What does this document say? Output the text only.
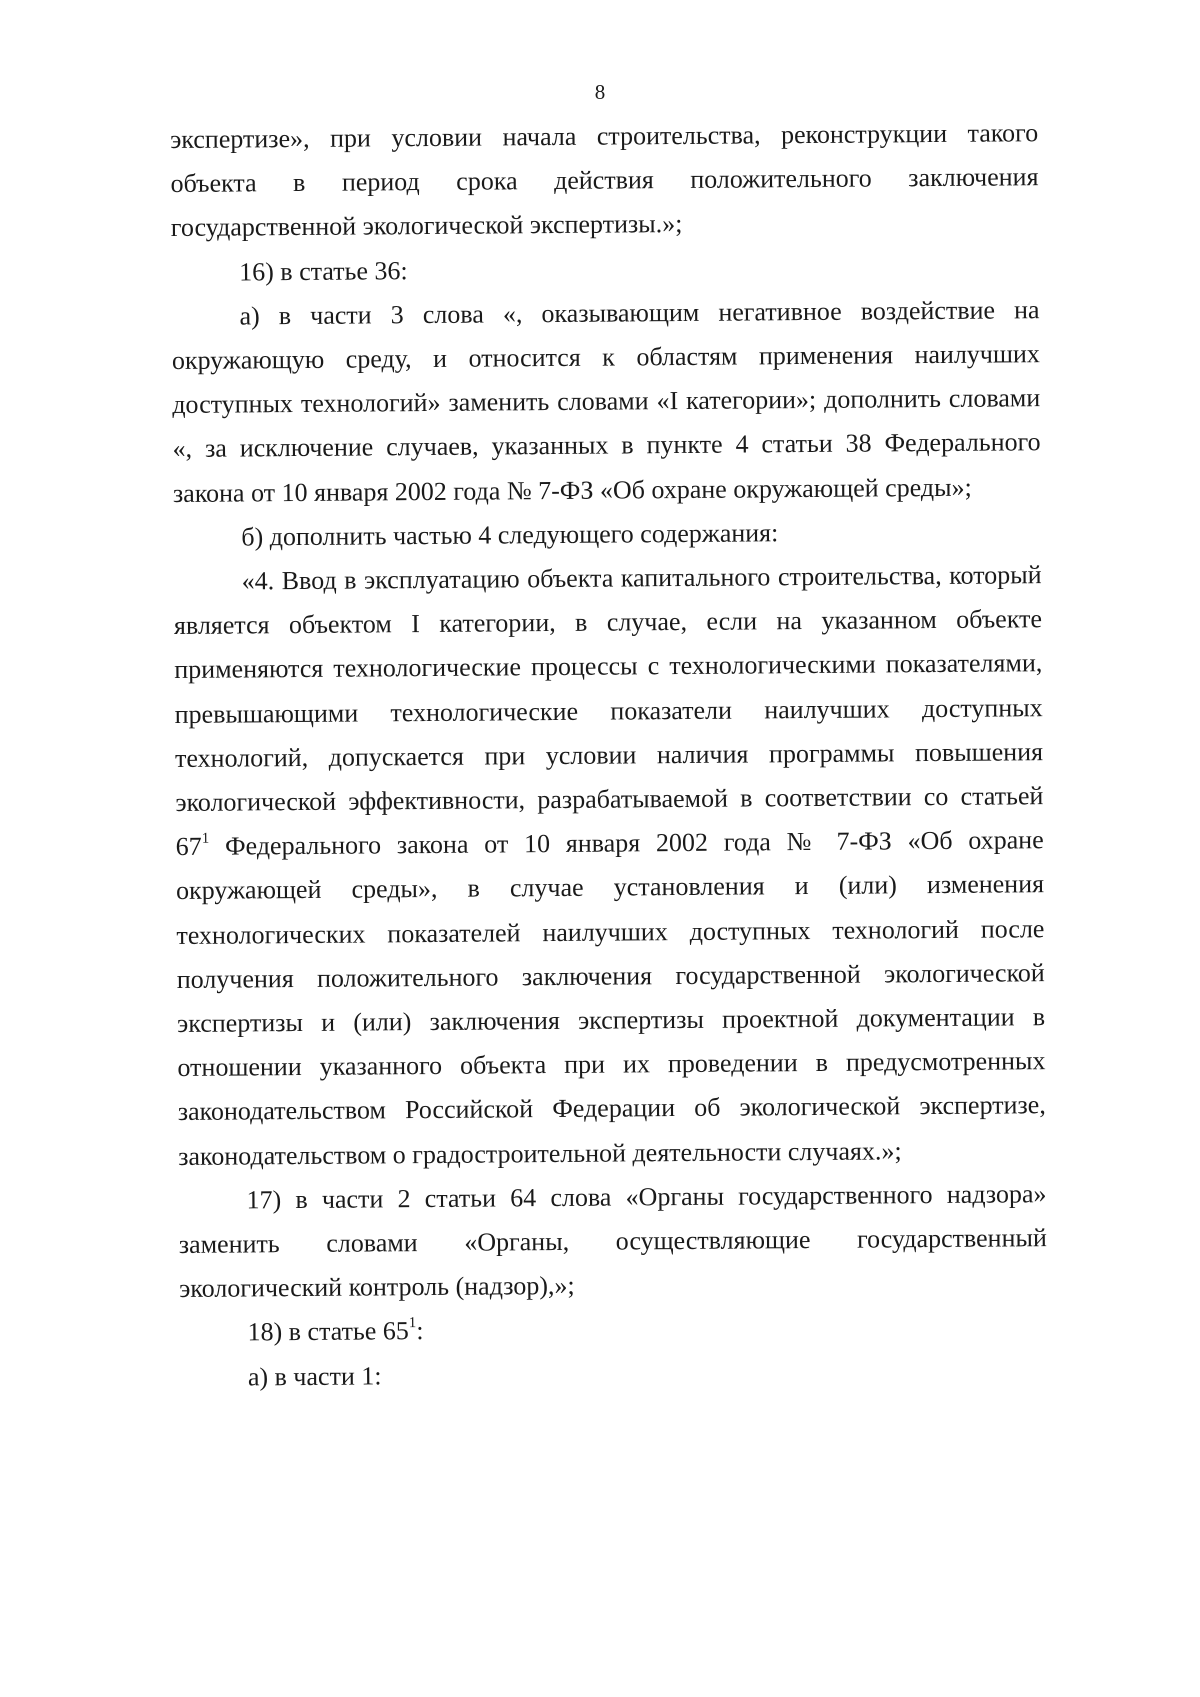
8

экспертизе», при условии начала строительства, реконструкции такого объекта в период срока действия положительного заключения государственной экологической экспертизы.»;

16) в статье 36:

а) в части 3 слова «, оказывающим негативное воздействие на окружающую среду, и относится к областям применения наилучших доступных технологий» заменить словами «I категории»; дополнить словами «, за исключение случаев, указанных в пункте 4 статьи 38 Федерального закона от 10 января 2002 года № 7-ФЗ «Об охране окружающей среды»;

б) дополнить частью 4 следующего содержания:

«4. Ввод в эксплуатацию объекта капитального строительства, который является объектом I категории, в случае, если на указанном объекте применяются технологические процессы с технологическими показателями, превышающими технологические показатели наилучших доступных технологий, допускается при условии наличия программы повышения экологической эффективности, разрабатываемой в соответствии со статьей $67^1$ Федерального закона от 10 января 2002 года № 7-ФЗ «Об охране окружающей среды», в случае установления и (или) изменения технологических показателей наилучших доступных технологий после получения положительного заключения государственной экологической экспертизы и (или) заключения экспертизы проектной документации в отношении указанного объекта при их проведении в предусмотренных законодательством Российской Федерации об экологической экспертизе, законодательством о градостроительной деятельности случаях.»;

17) в части 2 статьи 64 слова «Органы государственного надзора» заменить словами «Органы, осуществляющие государственный экологический контроль (надзор),»;

18) в статье $65^1$:

а) в части 1:
